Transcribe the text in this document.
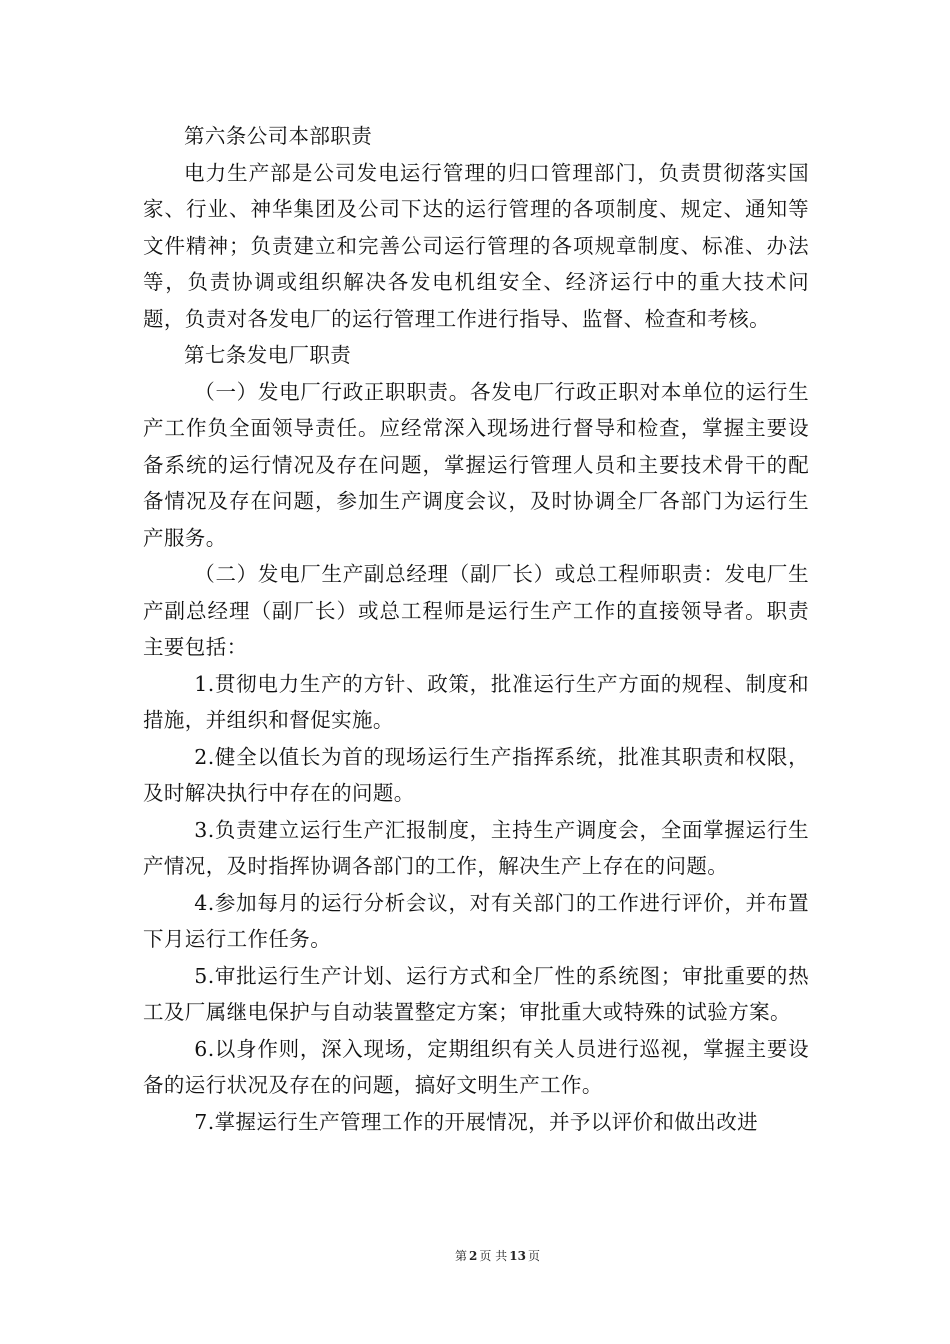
第六条公司本部职责

电力生产部是公司发电运行管理的归口管理部门，负责贯彻落实国家、行业、神华集团及公司下达的运行管理的各项制度、规定、通知等文件精神；负责建立和完善公司运行管理的各项规章制度、标准、办法等，负责协调或组织解决各发电机组安全、经济运行中的重大技术问题，负责对各发电厂的运行管理工作进行指导、监督、检查和考核。

第七条发电厂职责

（一）发电厂行政正职职责。各发电厂行政正职对本单位的运行生产工作负全面领导责任。应经常深入现场进行督导和检查，掌握主要设备系统的运行情况及存在问题，掌握运行管理人员和主要技术骨干的配备情况及存在问题，参加生产调度会议，及时协调全厂各部门为运行生产服务。

（二）发电厂生产副总经理（副厂长）或总工程师职责：发电厂生产副总经理（副厂长）或总工程师是运行生产工作的直接领导者。职责主要包括：

1.贯彻电力生产的方针、政策，批准运行生产方面的规程、制度和措施，并组织和督促实施。

2.健全以值长为首的现场运行生产指挥系统，批准其职责和权限，及时解决执行中存在的问题。

3.负责建立运行生产汇报制度，主持生产调度会，全面掌握运行生产情况，及时指挥协调各部门的工作，解决生产上存在的问题。

4.参加每月的运行分析会议，对有关部门的工作进行评价，并布置下月运行工作任务。

5.审批运行生产计划、运行方式和全厂性的系统图；审批重要的热工及厂属继电保护与自动装置整定方案；审批重大或特殊的试验方案。

6.以身作则，深入现场，定期组织有关人员进行巡视，掌握主要设备的运行状况及存在的问题，搞好文明生产工作。

7.掌握运行生产管理工作的开展情况，并予以评价和做出改进

第 2 页 共 13 页
